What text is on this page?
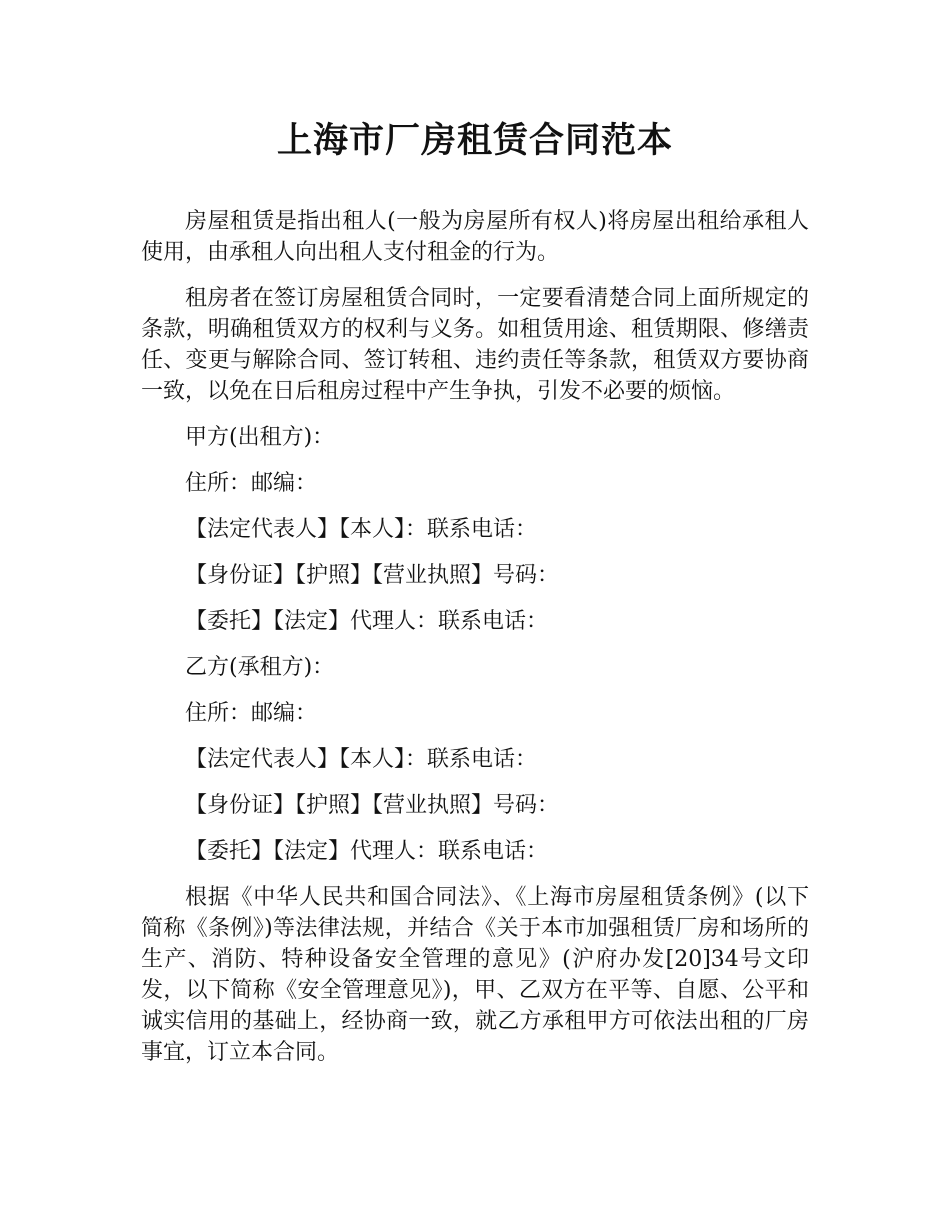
上海市厂房租赁合同范本

房屋租赁是指出租人(一般为房屋所有权人)将房屋出租给承租人使用，由承租人向出租人支付租金的行为。

租房者在签订房屋租赁合同时，一定要看清楚合同上面所规定的条款，明确租赁双方的权利与义务。如租赁用途、租赁期限、修缮责任、变更与解除合同、签订转租、违约责任等条款，租赁双方要协商一致，以免在日后租房过程中产生争执，引发不必要的烦恼。

甲方(出租方)：
住所：邮编：
【法定代表人】【本人】：联系电话：
【身份证】【护照】【营业执照】号码：
【委托】【法定】代理人：联系电话：
乙方(承租方)：
住所：邮编：
【法定代表人】【本人】：联系电话：
【身份证】【护照】【营业执照】号码：
【委托】【法定】代理人：联系电话：

根据《中华人民共和国合同法》、《上海市房屋租赁条例》(以下简称《条例》)等法律法规，并结合《关于本市加强租赁厂房和场所的生产、消防、特种设备安全管理的意见》(沪府办发[20]34号文印发，以下简称《安全管理意见》)，甲、乙双方在平等、自愿、公平和诚实信用的基础上，经协商一致，就乙方承租甲方可依法出租的厂房事宜，订立本合同。
